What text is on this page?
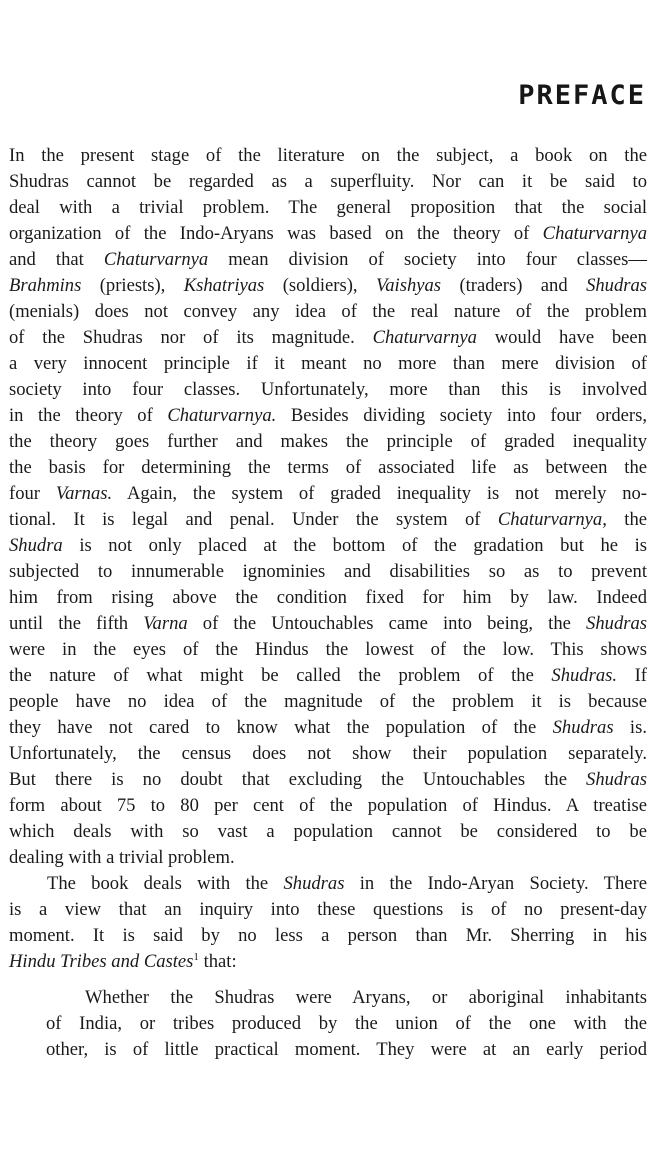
PREFACE
In the present stage of the literature on the subject, a book on the
Shudras cannot be regarded as a superfluity. Nor can it be said to
deal with a trivial problem. The general proposition that the social
organization of the Indo-Aryans was based on the theory of Chaturvarnya
and that Chaturvarnya mean division of society into four classes—
Brahmins (priests), Kshatriyas (soldiers), Vaishyas (traders) and Shudras
(menials) does not convey any idea of the real nature of the problem
of the Shudras nor of its magnitude. Chaturvarnya would have been
a very innocent principle if it meant no more than mere division of
society into four classes. Unfortunately, more than this is involved
in the theory of Chaturvarnya. Besides dividing society into four orders,
the theory goes further and makes the principle of graded inequality
the basis for determining the terms of associated life as between the
four Varnas. Again, the system of graded inequality is not merely no-
tional. It is legal and penal. Under the system of Chaturvarnya, the
Shudra is not only placed at the bottom of the gradation but he is
subjected to innumerable ignominies and disabilities so as to prevent
him from rising above the condition fixed for him by law. Indeed
until the fifth Varna of the Untouchables came into being, the Shudras
were in the eyes of the Hindus the lowest of the low. This shows
the nature of what might be called the problem of the Shudras. If
people have no idea of the magnitude of the problem it is because
they have not cared to know what the population of the Shudras is.
Unfortunately, the census does not show their population separately.
But there is no doubt that excluding the Untouchables the Shudras
form about 75 to 80 per cent of the population of Hindus. A treatise
which deals with so vast a population cannot be considered to be
dealing with a trivial problem.
The book deals with the Shudras in the Indo-Aryan Society. There
is a view that an inquiry into these questions is of no present-day
moment. It is said by no less a person than Mr. Sherring in his
Hindu Tribes and Castes$^1$ that:
Whether the Shudras were Aryans, or aboriginal inhabitants
of India, or tribes produced by the union of the one with the
other, is of little practical moment. They were at an early period
